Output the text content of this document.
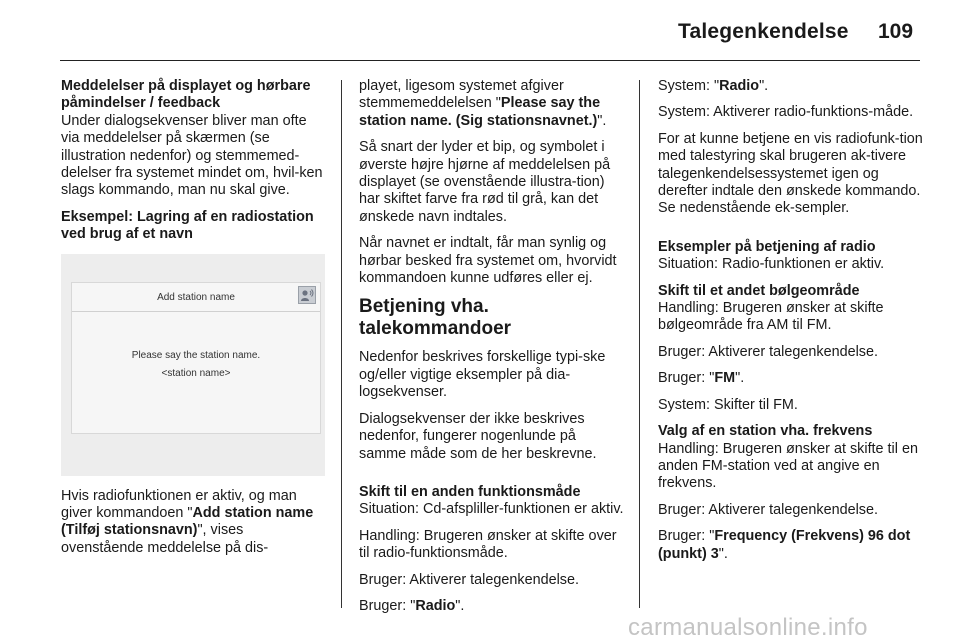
Talegenkendelse 109

Meddelelser på displayet og hørbare påmindelser / feedback

Under dialogsekvenser bliver man ofte via meddelelser på skærmen (se illustration nedenfor) og stemmemed-delelser fra systemet mindet om, hvil-ken slags kommando, man nu skal give.

Eksempel: Lagring af en radiostation ved brug af et navn

Add station name
Please say the station name.
<station name>

Hvis radiofunktionen er aktiv, og man giver kommandoen "Add station name (Tilføj stationsnavn)", vises ovenstående meddelelse på dis-

playet, ligesom systemet afgiver stemmemeddelelsen "Please say the station name. (Sig stationsnavnet.)".

Så snart der lyder et bip, og symbolet i øverste højre hjørne af meddelelsen på displayet (se ovenstående illustra-tion) har skiftet farve fra rød til grå, kan det ønskede navn indtales.

Når navnet er indtalt, får man synlig og hørbar besked fra systemet om, hvorvidt kommandoen kunne udføres eller ej.

Betjening vha. talekommandoer

Nedenfor beskrives forskellige typi-ske og/eller vigtige eksempler på dia-logsekvenser.

Dialogsekvenser der ikke beskrives nedenfor, fungerer nogenlunde på samme måde som de her beskrevne.

Skift til en anden funktionsmåde

Situation: Cd-afspliller-funktionen er aktiv.

Handling: Brugeren ønsker at skifte over til radio-funktionsmåde.

Bruger: Aktiverer talegenkendelse.

Bruger: "Radio".

System: "Radio".

System: Aktiverer radio-funktions-måde.

For at kunne betjene en vis radiofunk-tion med talestyring skal brugeren ak-tivere talegenkendelsessystemet igen og derefter indtale den ønskede kommando. Se nedenstående ek-sempler.

Eksempler på betjening af radio

Situation: Radio-funktionen er aktiv.

Skift til et andet bølgeområde

Handling: Brugeren ønsker at skifte bølgeområde fra AM til FM.

Bruger: Aktiverer talegenkendelse.

Bruger: "FM".

System: Skifter til FM.

Valg af en station vha. frekvens

Handling: Brugeren ønsker at skifte til en anden FM-station ved at angive en frekvens.

Bruger: Aktiverer talegenkendelse.

Bruger: "Frequency (Frekvens) 96 dot (punkt) 3".

carmanualsonline.info
